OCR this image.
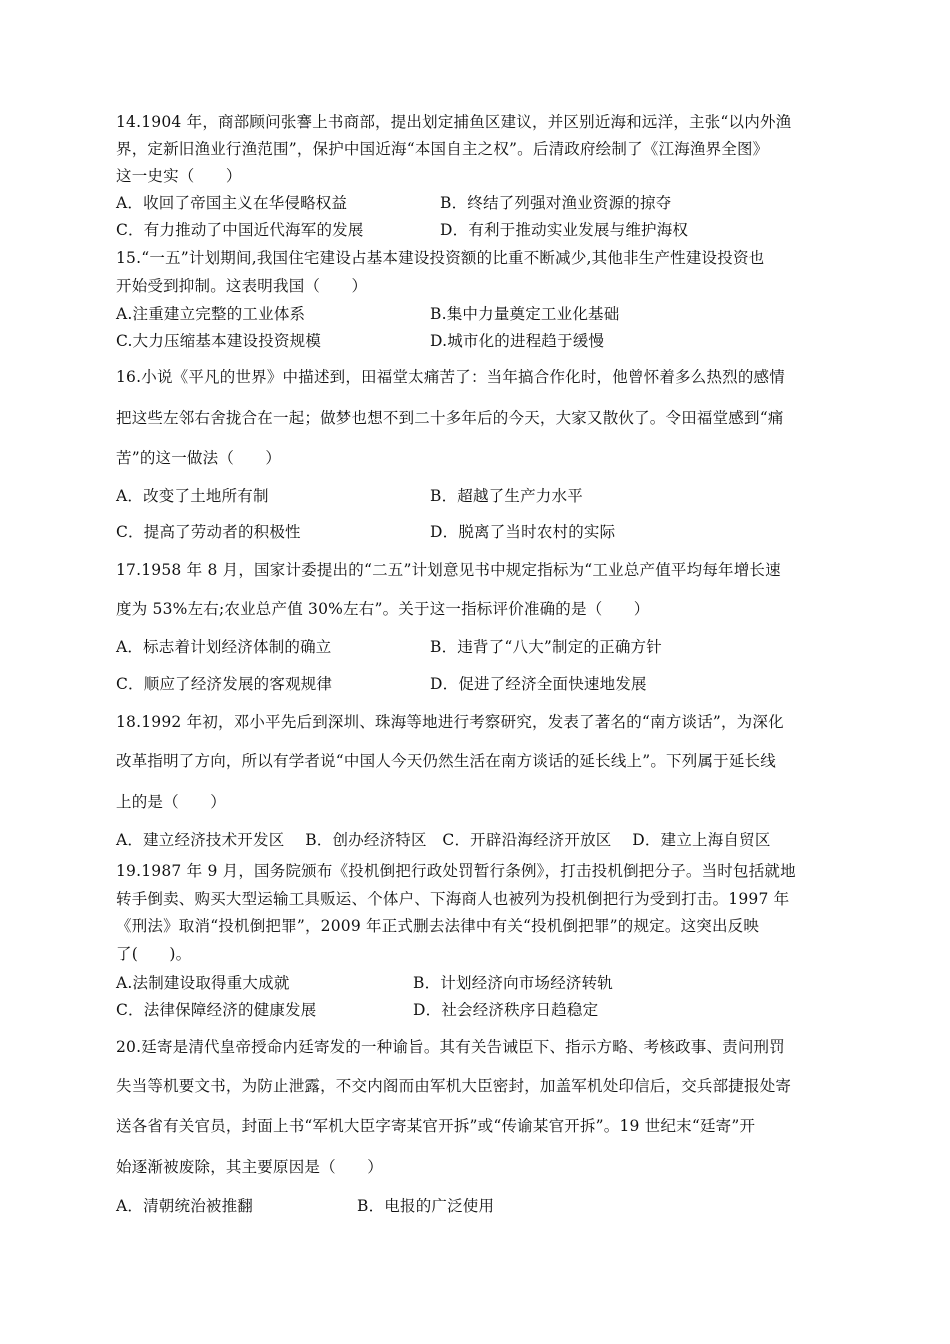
14.1904 年，商部顾问张謇上书商部，提出划定捕鱼区建议，并区别近海和远洋，主张“以内外渔
界，定新旧渔业行渔范围”，保护中国近海“本国自主之权”。后清政府绘制了《江海渔界全图》
这一史实（　　）
A．收回了帝国主义在华侵略权益	B．终结了列强对渔业资源的掠夺
C．有力推动了中国近代海军的发展	D．有利于推动实业发展与维护海权
15.“一五”计划期间,我国住宅建设占基本建设投资额的比重不断减少,其他非生产性建设投资也
开始受到抑制。这表明我国（　　）
A.注重建立完整的工业体系	B.集中力量奠定工业化基础
C.大力压缩基本建设投资规模	D.城市化的进程趋于缓慢
16.小说《平凡的世界》中描述到，田福堂太痛苦了：当年搞合作化时，他曾怀着多么热烈的感情
把这些左邻右舍拢合在一起；做梦也想不到二十多年后的今天，大家又散伙了。令田福堂感到“痛
苦”的这一做法（　　）
A．改变了土地所有制	B．超越了生产力水平
C．提高了劳动者的积极性	D．脱离了当时农村的实际
17.1958 年 8 月，国家计委提出的“二五”计划意见书中规定指标为“工业总产值平均每年增长速
度为 53%左右;农业总产值 30%左右”。关于这一指标评价准确的是（　　）
A．标志着计划经济体制的确立	B．违背了“八大”制定的正确方针
C．顺应了经济发展的客观规律	D．促进了经济全面快速地发展
18.1992 年初，邓小平先后到深圳、珠海等地进行考察研究，发表了著名的“南方谈话”，为深化
改革指明了方向，所以有学者说“中国人今天仍然生活在南方谈话的延长线上”。下列属于延长线
上的是（　　）
A．建立经济技术开发区　 B．创办经济特区　C．开辟沿海经济开放区　 D．建立上海自贸区
19.1987 年 9 月，国务院颁布《投机倒把行政处罚暂行条例》，打击投机倒把分子。当时包括就地
转手倒卖、购买大型运输工具贩运、个体户、下海商人也被列为投机倒把行为受到打击。1997 年
《刑法》取消“投机倒把罪”，2009 年正式删去法律中有关“投机倒把罪”的规定。这突出反映
了(　　)。
A.法制建设取得重大成就	B．计划经济向市场经济转轨
C．法律保障经济的健康发展	D．社会经济秩序日趋稳定
20.廷寄是清代皇帝授命内廷寄发的一种谕旨。其有关告诫臣下、指示方略、考核政事、责问刑罚
失当等机要文书，为防止泄露，不交内阁而由军机大臣密封，加盖军机处印信后，交兵部捷报处寄
送各省有关官员，封面上书“军机大臣字寄某官开拆”或“传谕某官开拆”。19 世纪末“廷寄”开
始逐渐被废除，其主要原因是（　　）
A．清朝统治被推翻	B．电报的广泛使用
